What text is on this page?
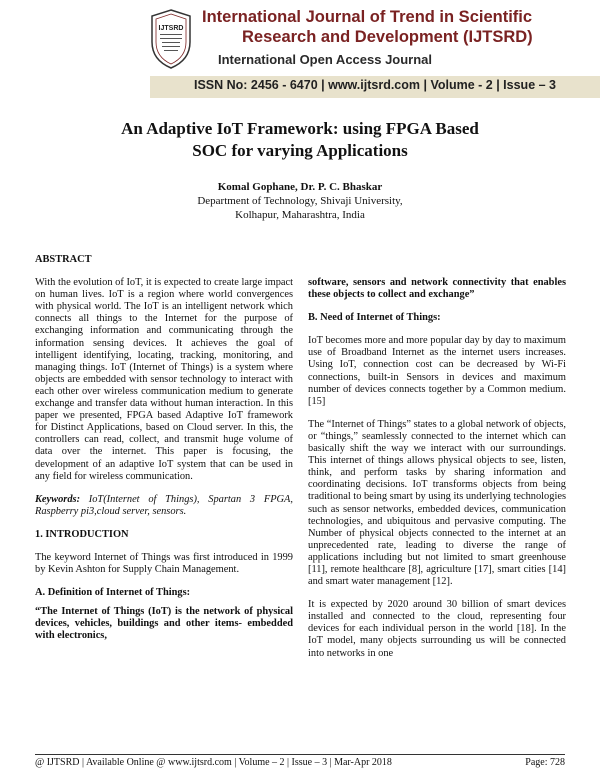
IJTSRD
International Journal of Trend in Scientific
Research and Development (IJTSRD)
International Open Access Journal
ISSN No: 2456 - 6470 | www.ijtsrd.com | Volume - 2 | Issue – 3
An Adaptive IoT Framework: using FPGA Based
SOC for varying Applications
Komal Gophane, Dr. P. C. Bhaskar
Department of Technology, Shivaji University,
Kolhapur, Maharashtra, India

ABSTRACT

With the evolution of IoT, it is expected to create large impact on human lives. IoT is a region where world convergences with physical world. The IoT is an intelligent network which connects all things to the Internet for the purpose of exchanging information and communicating through the information sensing devices. It achieves the goal of intelligent identifying, locating, tracking, monitoring, and managing things. IoT (Internet of Things) is a system where objects are embedded with sensor technology to interact with each other over wireless communication medium to generate exchange and transfer data without human interaction. In this paper we presented, FPGA based Adaptive IoT framework for Distinct Applications, based on Cloud server. In this, the controllers can read, collect, and transmit huge volume of data over the internet. This paper is focusing, the development of an adaptive IoT system that can be used in any field for wireless communication.

Keywords: IoT(Internet of Things), Spartan 3 FPGA, Raspberry pi3,cloud server, sensors.

1. INTRODUCTION

The keyword Internet of Things was first introduced in 1999 by Kevin Ashton for Supply Chain Management.

A. Definition of Internet of Things:

“The Internet of Things (IoT) is the network of physical devices, vehicles, buildings and other items- embedded with electronics,

software, sensors and network connectivity that enables these objects to collect and exchange”

B. Need of Internet of Things:

IoT becomes more and more popular day by day to maximum use of Broadband Internet as the internet users increases. Using IoT, connection cost can be decreased by Wi-Fi connections, built-in Sensors in devices and maximum number of devices connects together by a Common medium.[15]

The “Internet of Things” states to a global network of objects, or “things,” seamlessly connected to the internet which can basically shift the way we interact with our surroundings. This internet of things allows physical objects to see, listen, think, and perform tasks by sharing information and coordinating decisions. IoT transforms objects from being traditional to being smart by using its underlying technologies such as sensor networks, embedded devices, communication technologies, and ubiquitous and pervasive computing. The Number of physical objects connected to the internet at an unprecedented rate, leading to diverse the range of applications including but not limited to smart greenhouse [11], remote healthcare [8], agriculture [17], smart cities [14] and smart water management [12].

It is expected by 2020 around 30 billion of smart devices installed and connected to the cloud, representing four devices for each individual person in the world [18]. In the IoT model, many objects surrounding us will be connected into networks in one

@ IJTSRD | Available Online @ www.ijtsrd.com | Volume – 2 | Issue – 3 | Mar-Apr 2018	Page: 728
